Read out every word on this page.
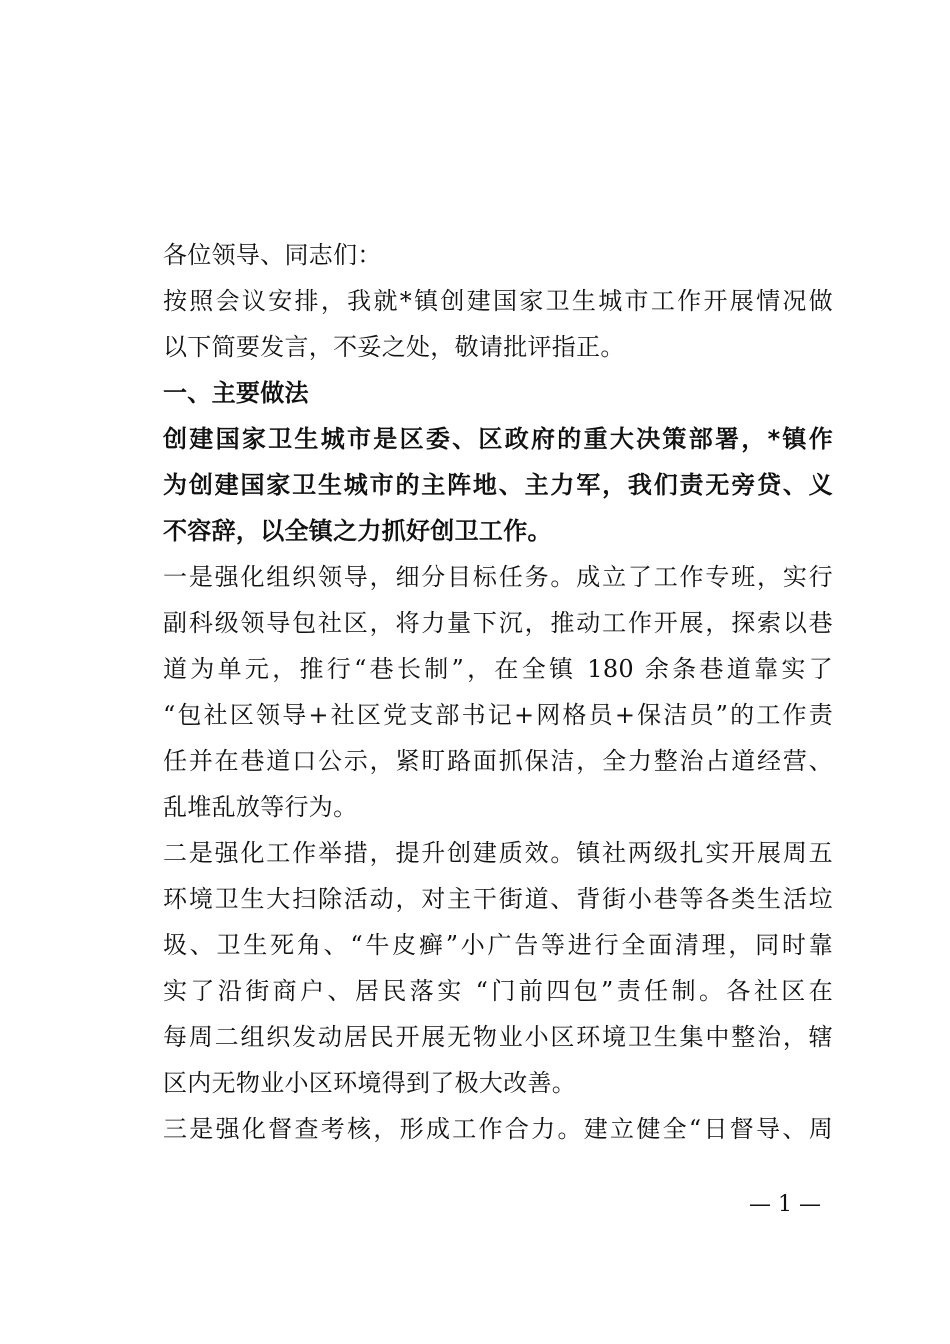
各位领导、同志们：
按照会议安排，我就*镇创建国家卫生城市工作开展情况做
以下简要发言，不妥之处，敬请批评指正。
一、主要做法
创建国家卫生城市是区委、区政府的重大决策部署，*镇作
为创建国家卫生城市的主阵地、主力军，我们责无旁贷、义
不容辞，以全镇之力抓好创卫工作。
一是强化组织领导，细分目标任务。成立了工作专班，实行
副科级领导包社区，将力量下沉，推动工作开展，探索以巷
道为单元，推行“巷长制”，在全镇 180 余条巷道靠实了
“包社区领导+社区党支部书记+网格员+保洁员”的工作责
任并在巷道口公示，紧盯路面抓保洁，全力整治占道经营、
乱堆乱放等行为。
二是强化工作举措，提升创建质效。镇社两级扎实开展周五
环境卫生大扫除活动，对主干街道、背街小巷等各类生活垃
圾、卫生死角、“牛皮癣”小广告等进行全面清理，同时靠
实了沿街商户、居民落实 “门前四包”责任制。各社区在
每周二组织发动居民开展无物业小区环境卫生集中整治，辖
区内无物业小区环境得到了极大改善。
三是强化督查考核，形成工作合力。建立健全“日督导、周
— 1 —
